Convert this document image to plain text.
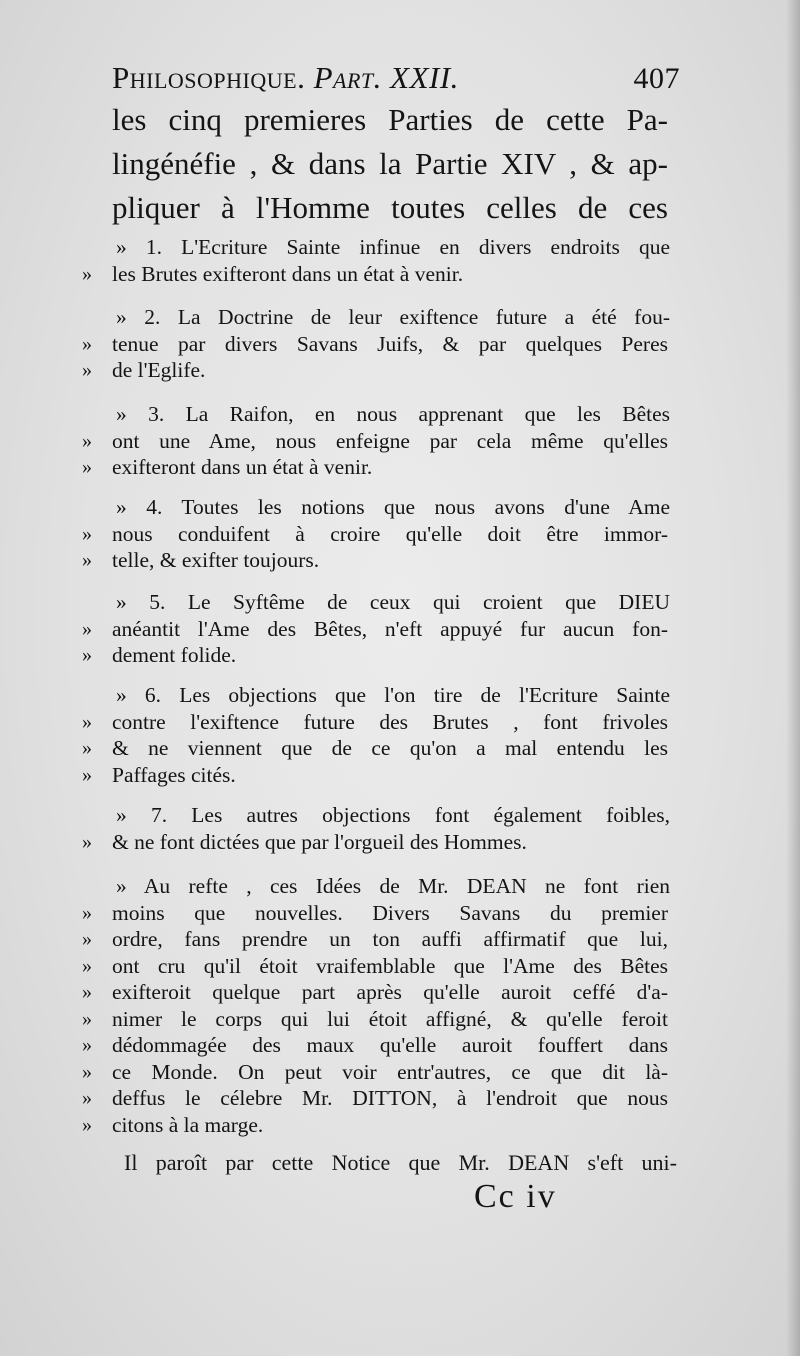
Philosophique. Part. XXII.	407
les cinq premieres Parties de cette Pa-
lingénéfie , & dans la Partie XIV , & ap-
pliquer à l'Homme toutes celles de ces
» 1. L'Ecriture Sainte infinue en divers endroits que
» les Brutes exifteront dans un état à venir.
» 2. La Doctrine de leur exiftence future a été fou-
» tenue par divers Savans Juifs, & par quelques Peres
» de l'Eglife.
» 3. La Raifon, en nous apprenant que les Bêtes
» ont une Ame, nous enfeigne par cela même qu'elles
» exifteront dans un état à venir.
» 4. Toutes les notions que nous avons d'une Ame
» nous conduifent à croire qu'elle doit être immor-
» telle, & exifter toujours.
» 5. Le Syftême de ceux qui croient que DIEU
» anéantit l'Ame des Bêtes, n'eft appuyé fur aucun fon-
» dement folide.
» 6. Les objections que l'on tire de l'Ecriture Sainte
» contre l'exiftence future des Brutes , font frivoles
» & ne viennent que de ce qu'on a mal entendu les
» Paffages cités.
» 7. Les autres objections font également foibles,
» & ne font dictées que par l'orgueil des Hommes.
» Au refte , ces Idées de Mr. DEAN ne font rien
» moins que nouvelles. Divers Savans du premier
» ordre, fans prendre un ton auffi affirmatif que lui,
» ont cru qu'il étoit vraifemblable que l'Ame des Bêtes
» exifteroit quelque part après qu'elle auroit ceffé d'a-
» nimer le corps qui lui étoit affigné, & qu'elle feroit
» dédommagée des maux qu'elle auroit fouffert dans
» ce Monde. On peut voir entr'autres, ce que dit là-
» deffus le célebre Mr. DITTON, à l'endroit que nous
» citons à la marge.
Il paroît par cette Notice que Mr. DEAN s'eft uni-
Cc iv
